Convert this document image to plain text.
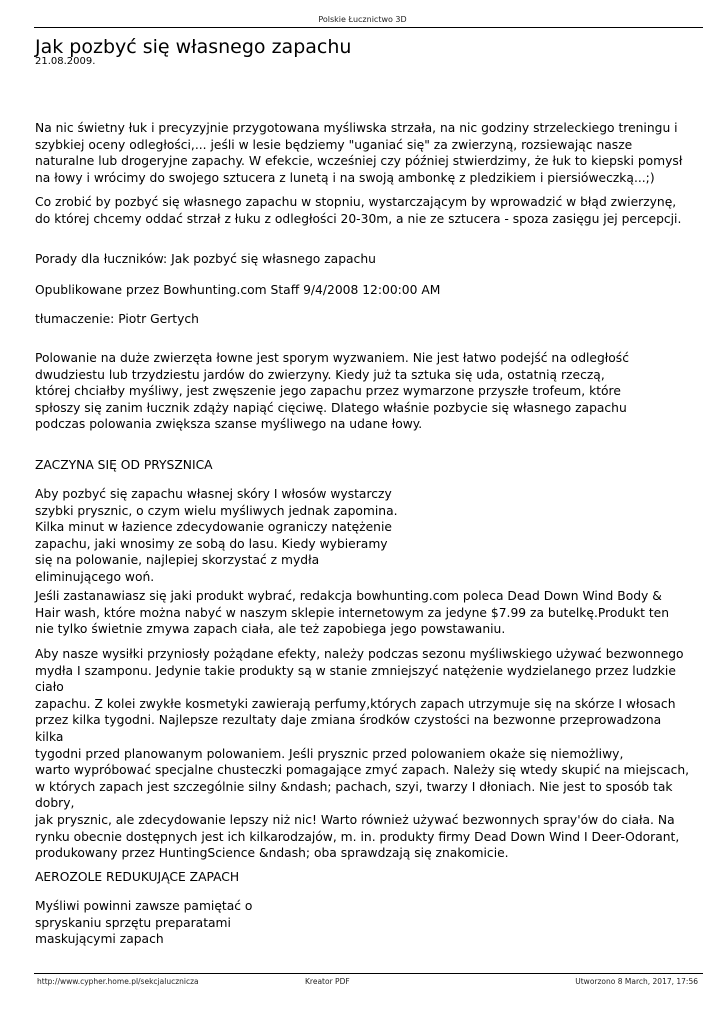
Polskie Łucznictwo 3D
Jak pozbyć się własnego zapachu
21.08.2009.
Na nic świetny łuk i precyzyjnie przygotowana myśliwska strzała, na nic godziny strzeleckiego treningu i
szybkiej oceny odległości,... jeśli w lesie będziemy "uganiać się" za zwierzyną, rozsiewając nasze
naturalne lub drogeryjne zapachy. W efekcie, wcześniej czy później stwierdzimy, że łuk to kiepski pomysł
na łowy i wrócimy do swojego sztucera z lunetą i na swoją ambonkę z pledzikiem i piersióweczką...;)
Co zrobić by pozbyć się własnego zapachu w stopniu, wystarczającym by wprowadzić w błąd zwierzynę,
do której chcemy oddać strzał z łuku z odległości 20-30m, a nie ze sztucera - spoza zasięgu jej percepcji.
Porady dla łuczników: Jak pozbyć się własnego zapachu
Opublikowane przez Bowhunting.com Staff 9/4/2008 12:00:00 AM
tłumaczenie: Piotr Gertych
Polowanie na duże zwierzęta łowne jest sporym wyzwaniem. Nie jest łatwo podejść na odległość
dwudziestu lub trzydziestu jardów do zwierzyny. Kiedy już ta sztuka się uda, ostatnią rzeczą,
której chciałby myśliwy, jest zwęszenie jego zapachu przez wymarzone przyszłe trofeum, które
spłoszy się zanim łucznik zdąży napiąć cięciwę. Dlatego właśnie pozbycie się własnego zapachu
podczas polowania zwiększa szanse myśliwego na udane łowy.
ZACZYNA SIĘ OD PRYSZNICA
Aby pozbyć się zapachu własnej skóry I włosów wystarczy
szybki prysznic, o czym wielu myśliwych jednak zapomina.
Kilka minut w łazience zdecydowanie ograniczy natężenie
zapachu, jaki wnosimy ze sobą do lasu. Kiedy wybieramy
się na polowanie, najlepiej skorzystać z mydła
eliminującego woń.
Jeśli zastanawiasz się jaki produkt wybrać, redakcja bowhunting.com poleca Dead Down Wind Body &
Hair wash, które można nabyć w naszym sklepie internetowym za jedyne $7.99 za butelkę.Produkt ten
nie tylko świetnie zmywa zapach ciała, ale też zapobiega jego powstawaniu.
Aby nasze wysiłki przyniosły pożądane efekty, należy podczas sezonu myśliwskiego używać bezwonnego
mydła I szamponu. Jedynie takie produkty są w stanie zmniejszyć natężenie wydzielanego przez ludzkie
ciało
zapachu. Z kolei zwykłe kosmetyki zawierają perfumy,których zapach utrzymuje się na skórze I włosach
przez kilka tygodni. Najlepsze rezultaty daje zmiana środków czystości na bezwonne przeprowadzona
kilka
tygodni przed planowanym polowaniem. Jeśli prysznic przed polowaniem okaże się niemożliwy,
warto wypróbować specjalne chusteczki pomagające zmyć zapach. Należy się wtedy skupić na miejscach,
w których zapach jest szczególnie silny &ndash; pachach, szyi, twarzy I dłoniach. Nie jest to sposób tak
dobry,
jak prysznic, ale zdecydowanie lepszy niż nic! Warto również używać bezwonnych spray'ów do ciała. Na
rynku obecnie dostępnych jest ich kilkarodzajów, m. in. produkty firmy Dead Down Wind I Deer-Odorant,
produkowany przez HuntingScience &ndash; oba sprawdzają się znakomicie.
AEROZOLE REDUKUJĄCE ZAPACH
Myśliwi powinni zawsze pamiętać o
spryskaniu sprzętu preparatami
maskującymi zapach
http://www.cypher.home.pl/sekcjalucznicza	Kreator PDF	Utworzono 8 March, 2017, 17:56
